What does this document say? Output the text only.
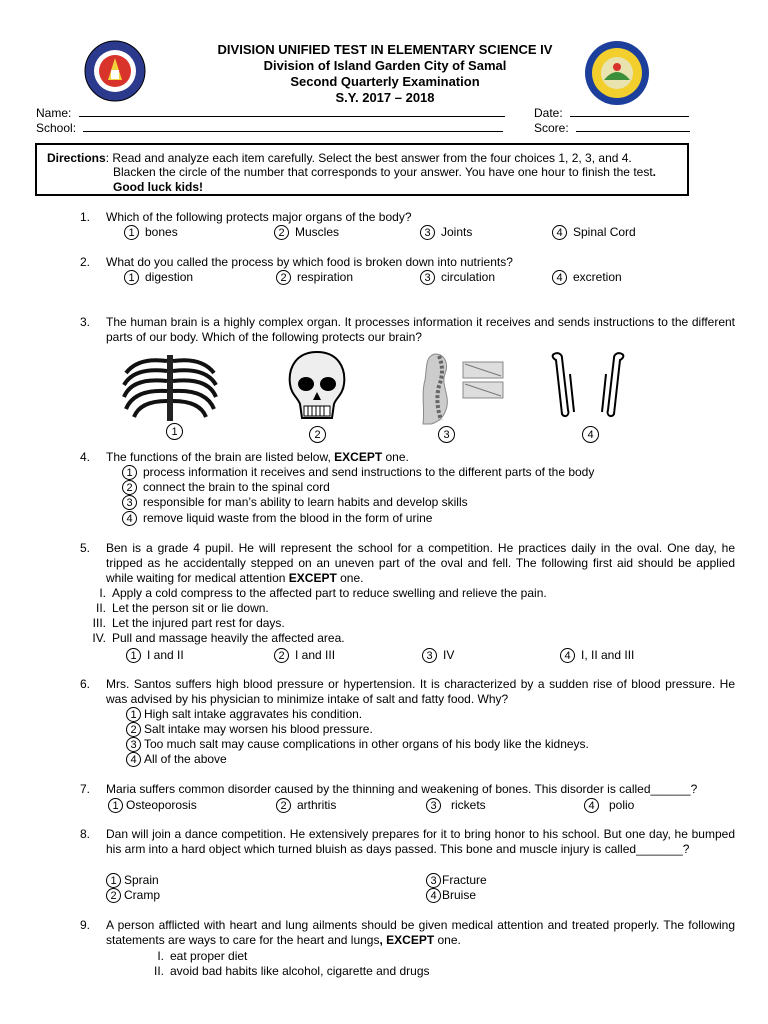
DIVISION UNIFIED TEST IN ELEMENTARY SCIENCE IV
Division of Island Garden City of Samal
Second Quarterly Examination
S.Y. 2017 – 2018
Name:
School:
Date:
Score:
Directions: Read and analyze each item carefully. Select the best answer from the four choices 1, 2, 3, and 4.
Blacken the circle of the number that corresponds to your answer. You have one hour to finish the test.
Good luck kids!
1.	Which of the following protects major organs of the body?
1 bones	2 Muscles	3 Joints	4 Spinal Cord
2.	What do you called the process by which food is broken down into nutrients?
1 digestion	2 respiration	3 circulation	4 excretion
3.	The human brain is a highly complex organ. It processes information it receives and sends instructions to the different parts of our body. Which of the following protects our brain?
1	2	3	4
4.	The functions of the brain are listed below, EXCEPT one.
1 process information it receives and send instructions to the different parts of the body
2 connect the brain to the spinal cord
3 responsible for man’s ability to learn habits and develop skills
4 remove liquid waste from the blood in the form of urine
5.	Ben is a grade 4 pupil. He will represent the school for a competition. He practices daily in the oval. One day, he tripped as he accidentally stepped on an uneven part of the oval and fell. The following first aid should be applied while waiting for medical attention EXCEPT one.
I. Apply a cold compress to the affected part to reduce swelling and relieve the pain.
II. Let the person sit or lie down.
III. Let the injured part rest for days.
IV. Pull and massage heavily the affected area.
1 I and II	2 I and III	3 IV	4 I, II and III
6.	Mrs. Santos suffers high blood pressure or hypertension. It is characterized by a sudden rise of blood pressure. He was advised by his physician to minimize intake of salt and fatty food. Why?
1 High salt intake aggravates his condition.
2 Salt intake may worsen his blood pressure.
3 Too much salt may cause complications in other organs of his body like the kidneys.
4 All of the above
7.	Maria suffers common disorder caused by the thinning and weakening of bones. This disorder is called______?
1 Osteoporosis	2 arthritis	3 rickets	4 polio
8.	Dan will join a dance competition. He extensively prepares for it to bring honor to his school. But one day, he bumped his arm into a hard object which turned bluish as days passed. This bone and muscle injury is called_______?
1 Sprain
2 Cramp
3 Fracture
4 Bruise
9.	A person afflicted with heart and lung ailments should be given medical attention and treated properly. The following statements are ways to care for the heart and lungs, EXCEPT one.
I. eat proper diet
II. avoid bad habits like alcohol, cigarette and drugs
